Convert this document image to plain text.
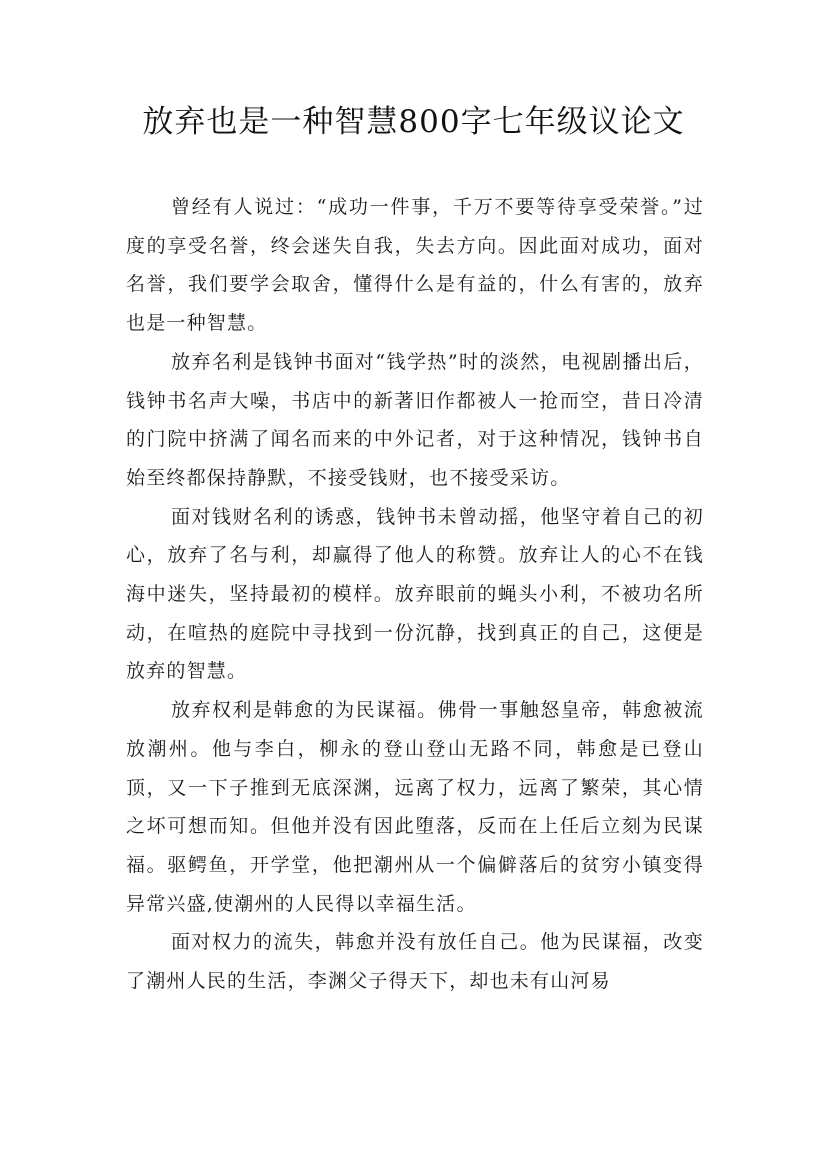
放弃也是一种智慧800字七年级议论文

曾经有人说过：“成功一件事，千万不要等待享受荣誉。”过度的享受名誉，终会迷失自我，失去方向。因此面对成功，面对名誉，我们要学会取舍，懂得什么是有益的，什么有害的，放弃也是一种智慧。

放弃名利是钱钟书面对“钱学热”时的淡然，电视剧播出后，钱钟书名声大噪，书店中的新著旧作都被人一抢而空，昔日冷清的门院中挤满了闻名而来的中外记者，对于这种情况，钱钟书自始至终都保持静默，不接受钱财，也不接受采访。

面对钱财名利的诱惑，钱钟书未曾动摇，他坚守着自己的初心，放弃了名与利，却赢得了他人的称赞。放弃让人的心不在钱海中迷失，坚持最初的模样。放弃眼前的蝇头小利，不被功名所动，在喧热的庭院中寻找到一份沉静，找到真正的自己，这便是放弃的智慧。

放弃权利是韩愈的为民谋福。佛骨一事触怒皇帝，韩愈被流放潮州。他与李白，柳永的登山登山无路不同，韩愈是已登山顶，又一下子推到无底深渊，远离了权力，远离了繁荣，其心情之坏可想而知。但他并没有因此堕落，反而在上任后立刻为民谋福。驱鳄鱼，开学堂，他把潮州从一个偏僻落后的贫穷小镇变得异常兴盛,使潮州的人民得以幸福生活。

面对权力的流失，韩愈并没有放任自己。他为民谋福，改变了潮州人民的生活，李渊父子得天下，却也未有山河易
